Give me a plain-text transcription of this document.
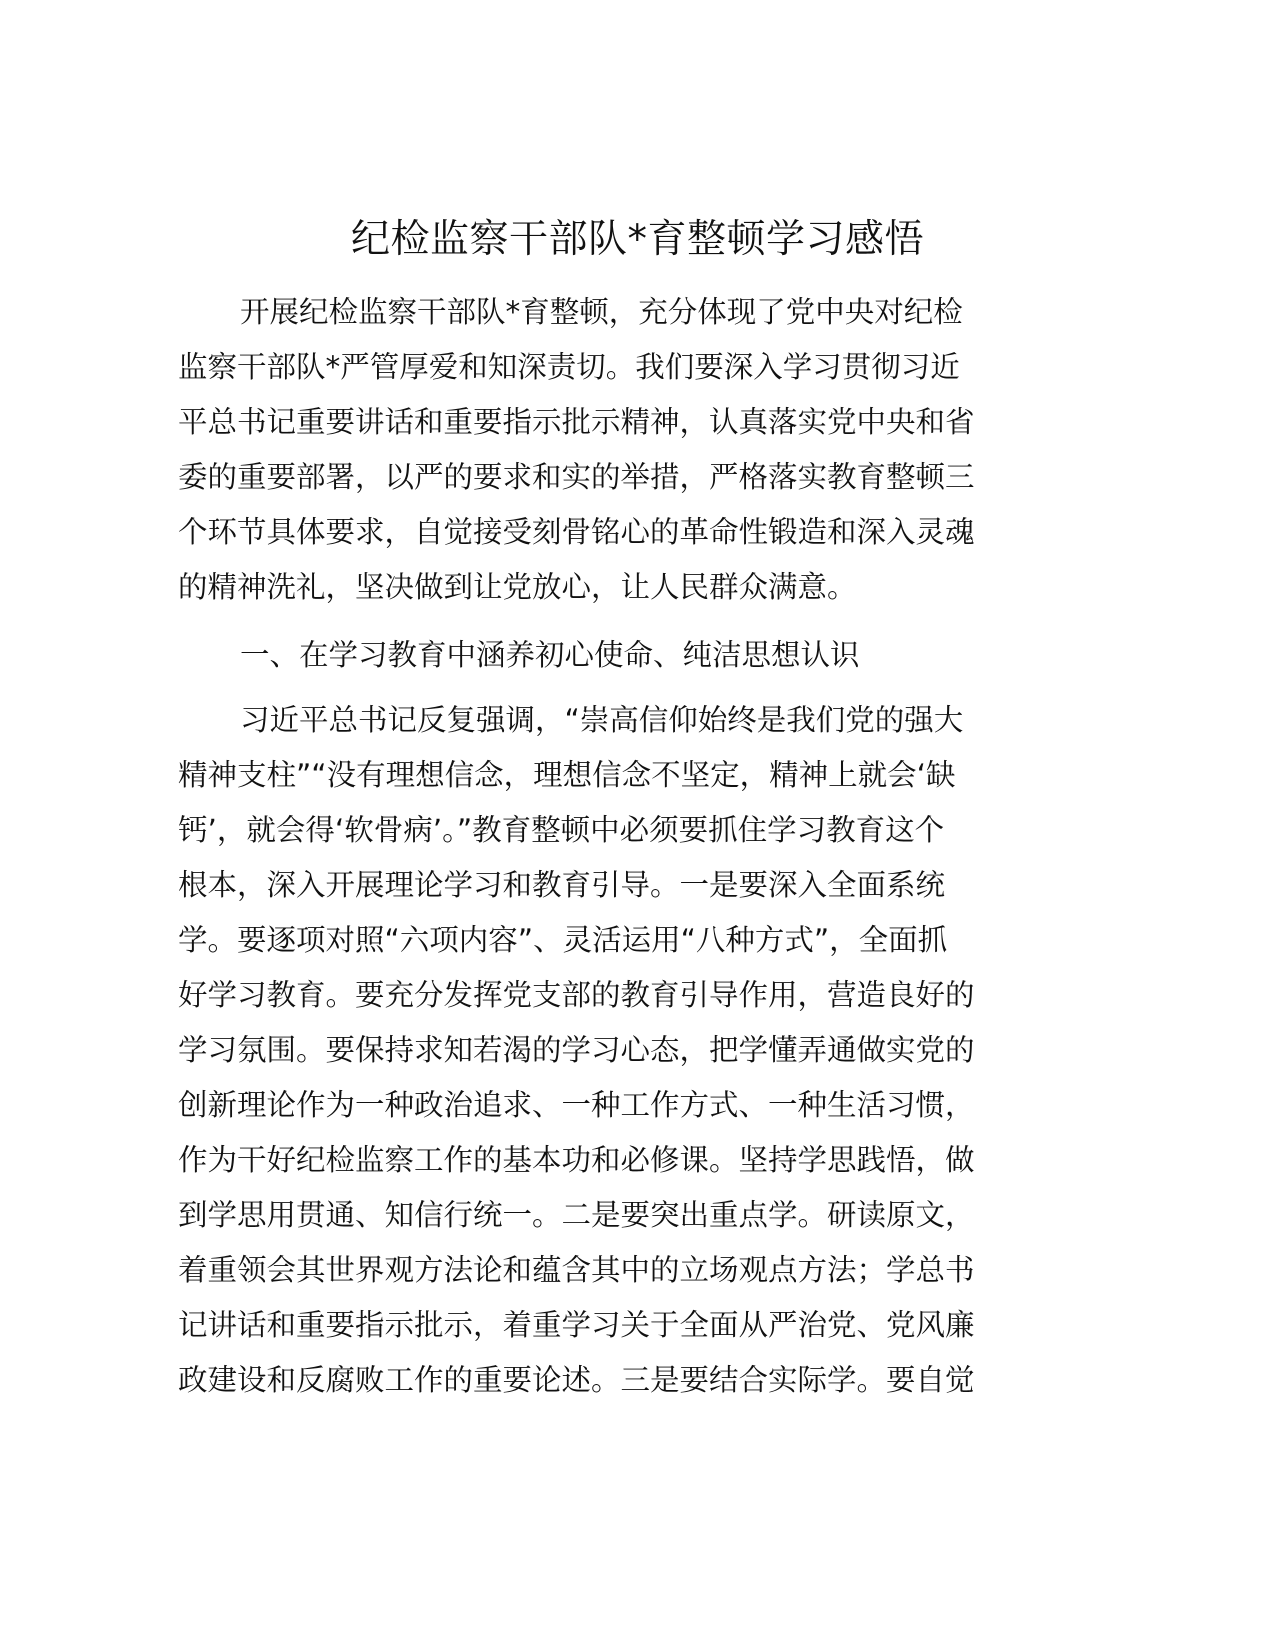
纪检监察干部队*育整顿学习感悟
开展纪检监察干部队*育整顿，充分体现了党中央对纪检
监察干部队*严管厚爱和知深责切。我们要深入学习贯彻习近
平总书记重要讲话和重要指示批示精神，认真落实党中央和省
委的重要部署，以严的要求和实的举措，严格落实教育整顿三
个环节具体要求，自觉接受刻骨铭心的革命性锻造和深入灵魂
的精神洗礼，坚决做到让党放心，让人民群众满意。
一、在学习教育中涵养初心使命、纯洁思想认识
习近平总书记反复强调，“崇高信仰始终是我们党的强大
精神支柱”“没有理想信念，理想信念不坚定，精神上就会‘缺
钙’，就会得‘软骨病’。”教育整顿中必须要抓住学习教育这个
根本，深入开展理论学习和教育引导。一是要深入全面系统
学。要逐项对照“六项内容”、灵活运用“八种方式”，全面抓
好学习教育。要充分发挥党支部的教育引导作用，营造良好的
学习氛围。要保持求知若渴的学习心态，把学懂弄通做实党的
创新理论作为一种政治追求、一种工作方式、一种生活习惯，
作为干好纪检监察工作的基本功和必修课。坚持学思践悟，做
到学思用贯通、知信行统一。二是要突出重点学。研读原文，
着重领会其世界观方法论和蕴含其中的立场观点方法；学总书
记讲话和重要指示批示，着重学习关于全面从严治党、党风廉
政建设和反腐败工作的重要论述。三是要结合实际学。要自觉
